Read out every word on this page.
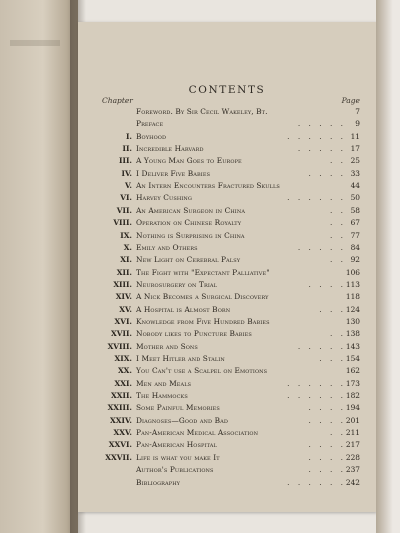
CONTENTS
Chapter	Page
Foreword. By Sir Cecil Wakeley, Bt.	7
Preface	. . . . . 9
I. Boyhood	. . . . . . 11
II. Incredible Harvard	. . . . . 17
III. A Young Man Goes to Europe	. . 25
IV. I Deliver Five Babies	. . . . 33
V. An Intern Encounters Fractured Skulls	44
VI. Harvey Cushing	. . . . . . 50
VII. An American Surgeon in China	. . 58
VIII. Operation on Chinese Royalty	. . 67
IX. Nothing is Surprising in China	. . 77
X. Emily and Others	. . . . . 84
XI. New Light on Cerebral Palsy	. . 92
XII. The Fight with "Expectant Palliative"	106
XIII. Neurosurgery on Trial	. . . . 113
XIV. A Nick Becomes a Surgical Discovery	118
XV. A Hospital is Almost Born	. . . 124
XVI. Knowledge from Five Hundred Babies	130
XVII. Nobody likes to Puncture Babies	. . 138
XVIII. Mother and Sons	. . . . . 143
XIX. I Meet Hitler and Stalin	. . . 154
XX. You Can't use a Scalpel on Emotions	162
XXI. Men and Meals	. . . . . . 173
XXII. The Hammocks	. . . . . . 182
XXIII. Some Painful Memories	. . . . 194
XXIV. Diagnoses—Good and Bad	. . . . 201
XXV. Pan-American Medical Association	. . 211
XXVI. Pan-American Hospital	. . . . 217
XXVII. Life is what you make It	. . . . 228
Author's Publications	. . . . 237
Bibliography	. . . . . . 242
